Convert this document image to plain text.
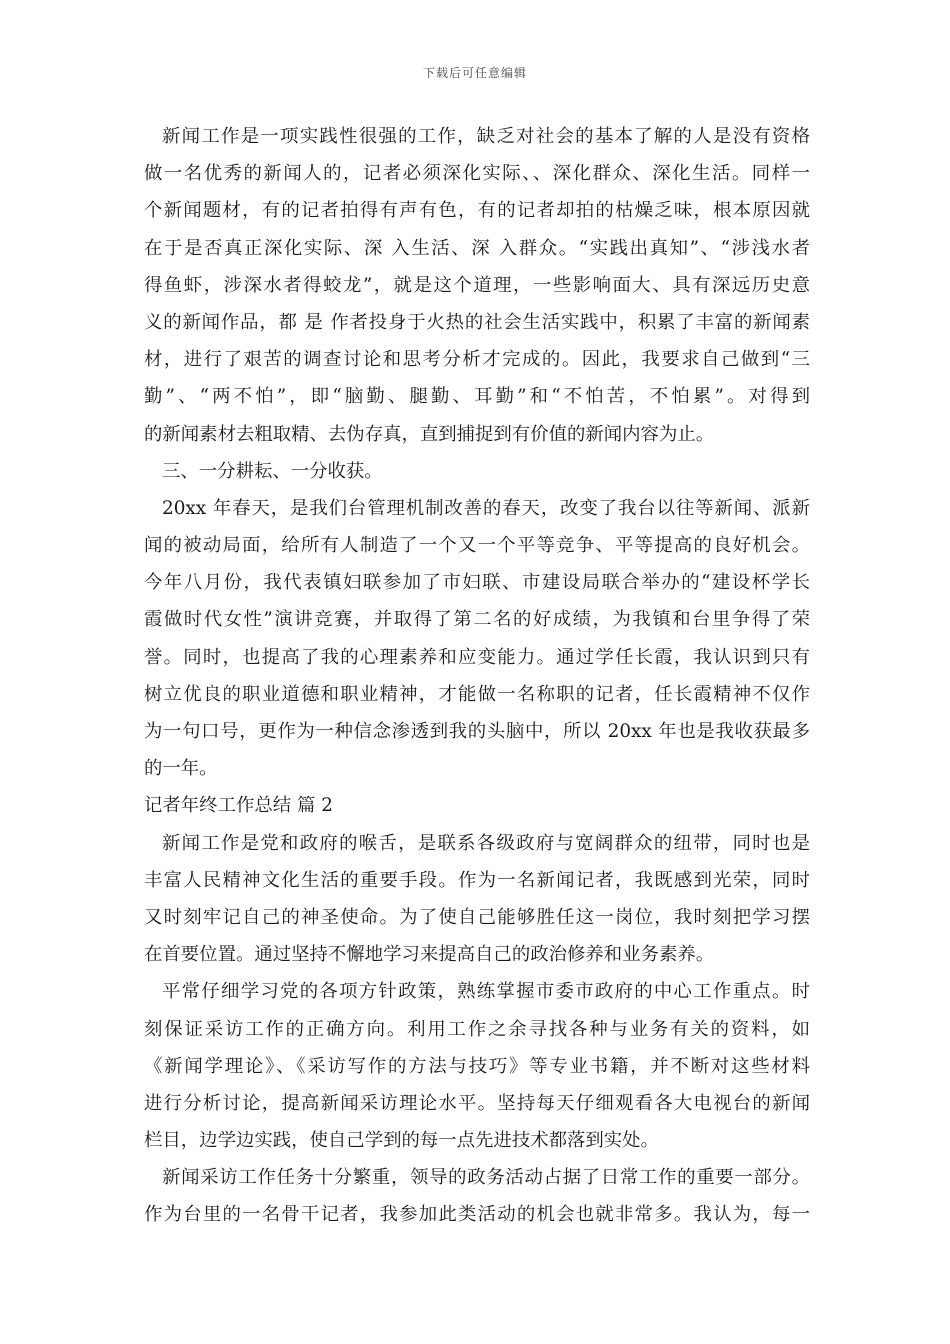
下载后可任意编辑
新闻工作是一项实践性很强的工作，缺乏对社会的基本了解的人是没有资格
做一名优秀的新闻人的，记者必须深化实际、、深化群众、深化生活。同样一
个新闻题材，有的记者拍得有声有色，有的记者却拍的枯燥乏味，根本原因就
在于是否真正深化实际、深 入生活、深 入群众。“实践出真知”、“涉浅水者
得鱼虾，涉深水者得蛟龙”，就是这个道理，一些影响面大、具有深远历史意
义的新闻作品，都 是 作者投身于火热的社会生活实践中，积累了丰富的新闻素
材，进行了艰苦的调查讨论和思考分析才完成的。因此，我要求自己做到“三
勤”、“两不怕”，即“脑勤、腿勤、耳勤”和“不怕苦，不怕累”。对得到
的新闻素材去粗取精、去伪存真，直到捕捉到有价值的新闻内容为止。
三、一分耕耘、一分收获。
20xx 年春天，是我们台管理机制改善的春天，改变了我台以往等新闻、派新
闻的被动局面，给所有人制造了一个又一个平等竞争、平等提高的良好机会。
今年八月份，我代表镇妇联参加了市妇联、市建设局联合举办的“建设杯学长
霞做时代女性”演讲竞赛，并取得了第二名的好成绩，为我镇和台里争得了荣
誉。同时，也提高了我的心理素养和应变能力。通过学任长霞，我认识到只有
树立优良的职业道德和职业精神，才能做一名称职的记者，任长霞精神不仅作
为一句口号，更作为一种信念渗透到我的头脑中，所以 20xx 年也是我收获最多
的一年。
记者年终工作总结 篇 2
新闻工作是党和政府的喉舌，是联系各级政府与宽阔群众的纽带，同时也是
丰富人民精神文化生活的重要手段。作为一名新闻记者，我既感到光荣，同时
又时刻牢记自己的神圣使命。为了使自己能够胜任这一岗位，我时刻把学习摆
在首要位置。通过坚持不懈地学习来提高自己的政治修养和业务素养。
平常仔细学习党的各项方针政策，熟练掌握市委市政府的中心工作重点。时
刻保证采访工作的正确方向。利用工作之余寻找各种与业务有关的资料，如
《新闻学理论》、《采访写作的方法与技巧》等专业书籍，并不断对这些材料
进行分析讨论，提高新闻采访理论水平。坚持每天仔细观看各大电视台的新闻
栏目，边学边实践，使自己学到的每一点先进技术都落到实处。
新闻采访工作任务十分繁重，领导的政务活动占据了日常工作的重要一部分。
作为台里的一名骨干记者，我参加此类活动的机会也就非常多。我认为，每一
